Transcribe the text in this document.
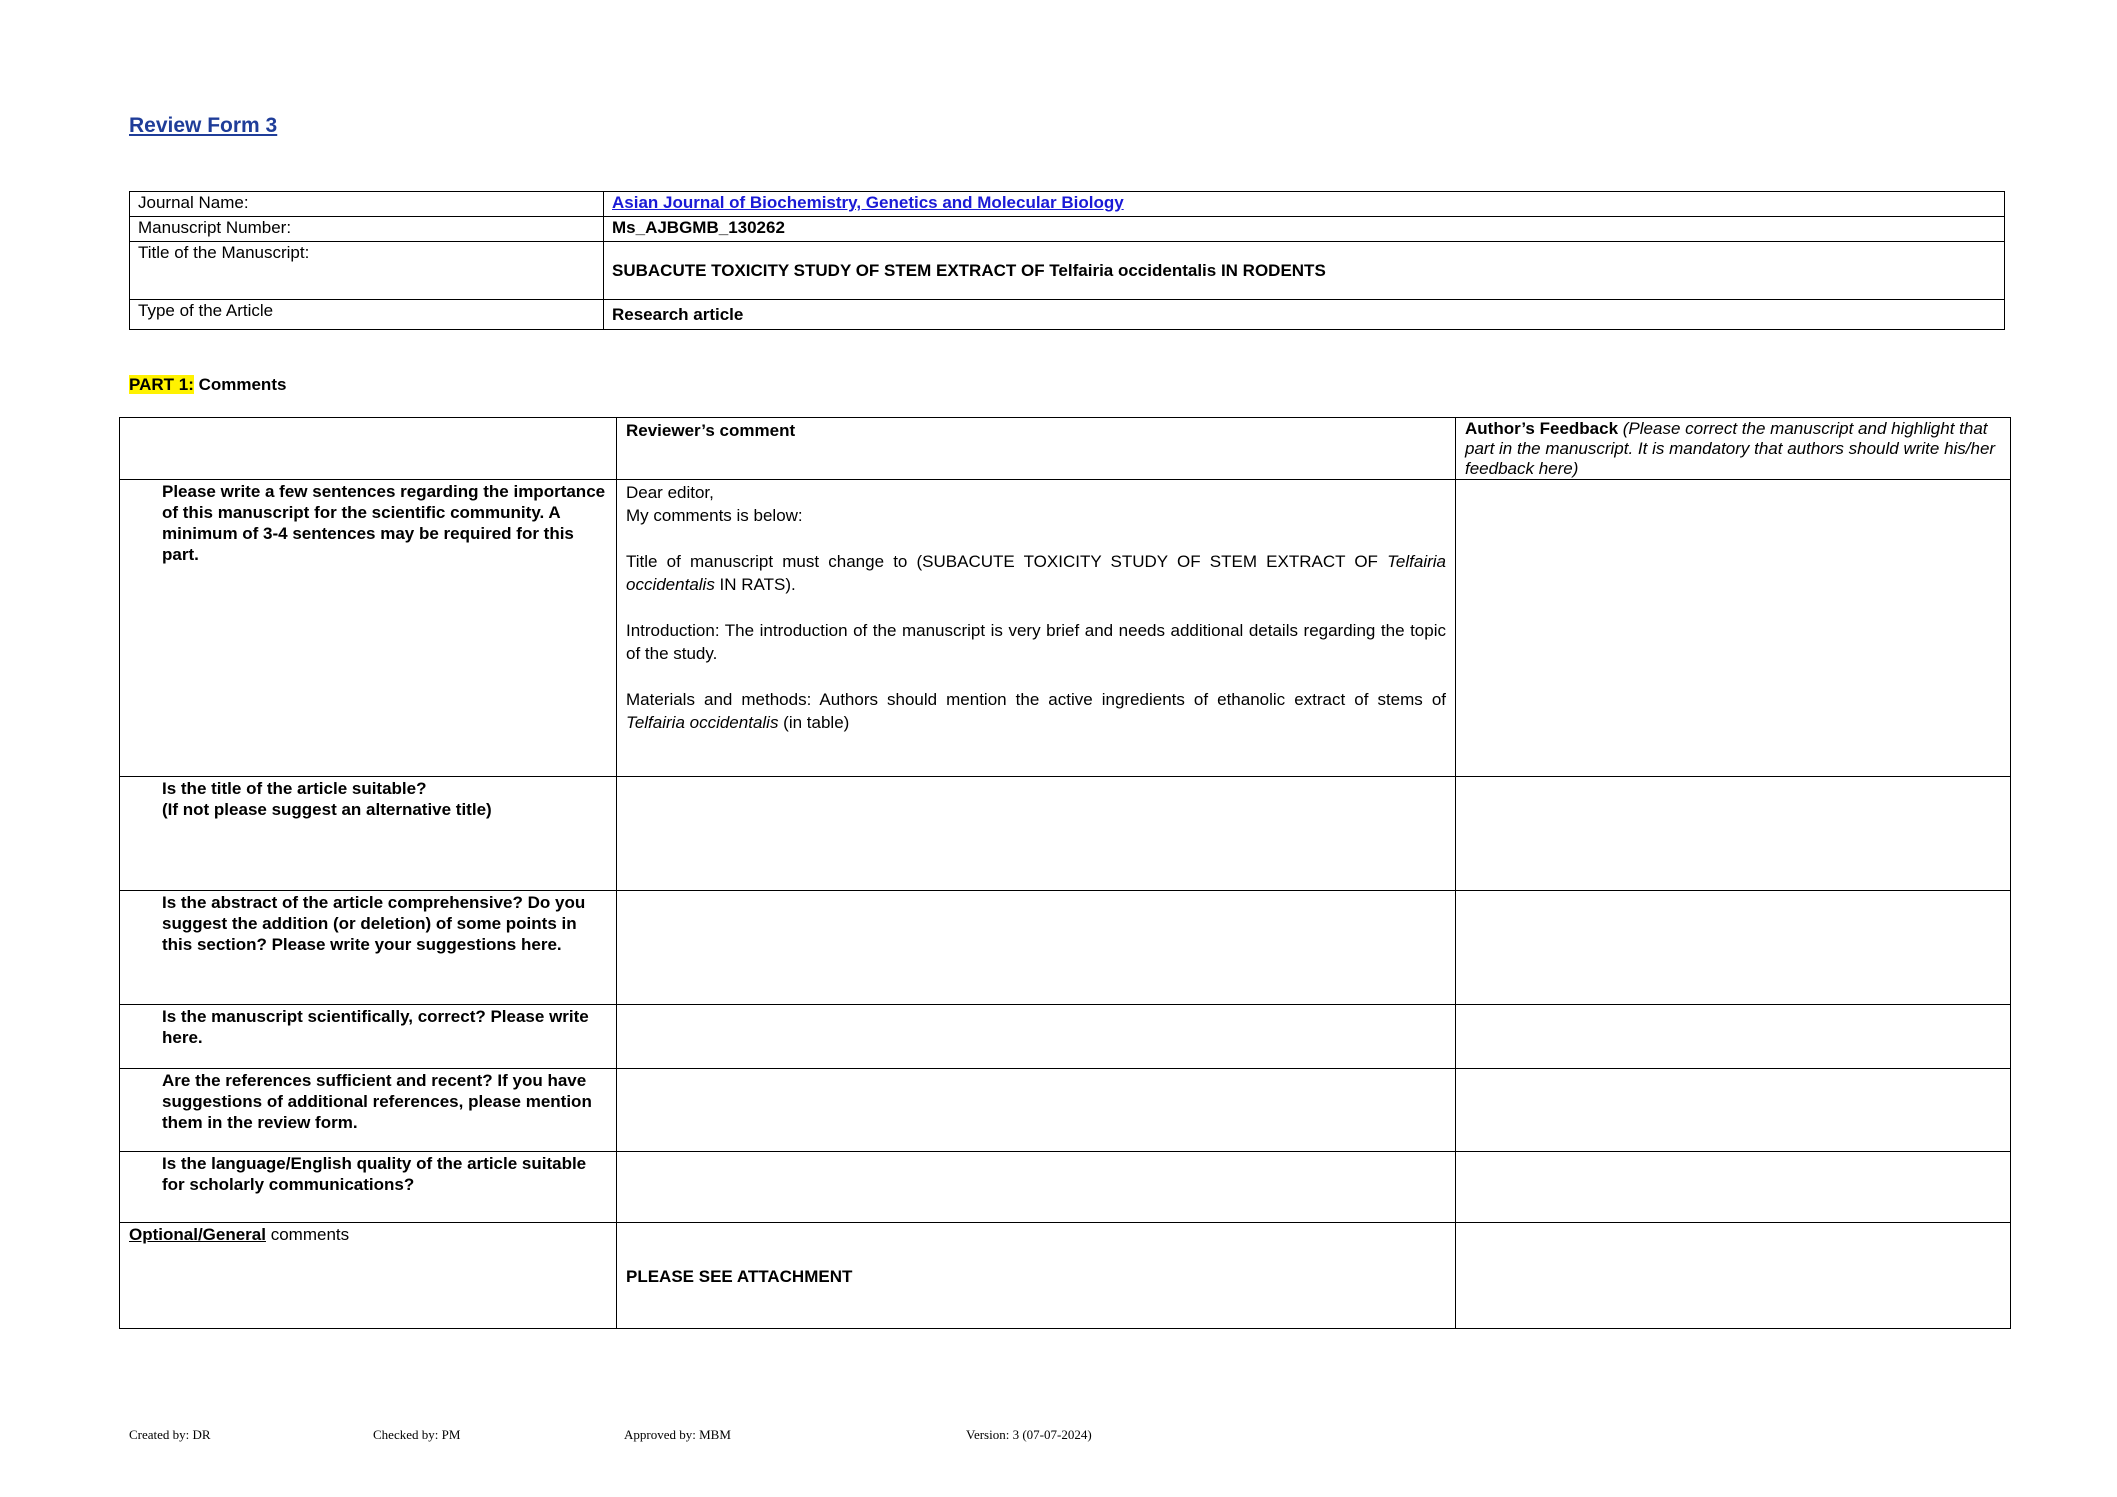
Review Form 3
Journal Name:	Asian Journal of Biochemistry, Genetics and Molecular Biology
Manuscript Number:	Ms_AJBGMB_130262
Title of the Manuscript:	SUBACUTE TOXICITY STUDY OF STEM EXTRACT OF Telfairia occidentalis IN RODENTS
Type of the Article	Research article
PART 1: Comments
	Reviewer’s comment	Author’s Feedback (Please correct the manuscript and highlight that part in the manuscript. It is mandatory that authors should write his/her feedback here)
Please write a few sentences regarding the importance of this manuscript for the scientific community. A minimum of 3-4 sentences may be required for this part.	Dear editor,

My comments is below:

Title of manuscript must change to (SUBACUTE TOXICITY STUDY OF STEM EXTRACT OF Telfairia occidentalis IN RATS).

Introduction: The introduction of the manuscript is very brief and needs additional details regarding the topic of the study.

Materials and methods: Authors should mention the active ingredients of ethanolic extract of stems of Telfairia occidentalis (in table)	

Is the title of the article suitable?
(If not please suggest an alternative title)		

Is the abstract of the article comprehensive? Do you suggest the addition (or deletion) of some points in this section? Please write your suggestions here.		
Is the manuscript scientifically, correct? Please write here.		
Are the references sufficient and recent? If you have suggestions of additional references, please mention them in the review form.		
Is the language/English quality of the article suitable for scholarly communications?		
Optional/General comments	PLEASE SEE ATTACHMENT	
Created by: DR	Checked by: PM	Approved by: MBM	Version: 3 (07-07-2024)
